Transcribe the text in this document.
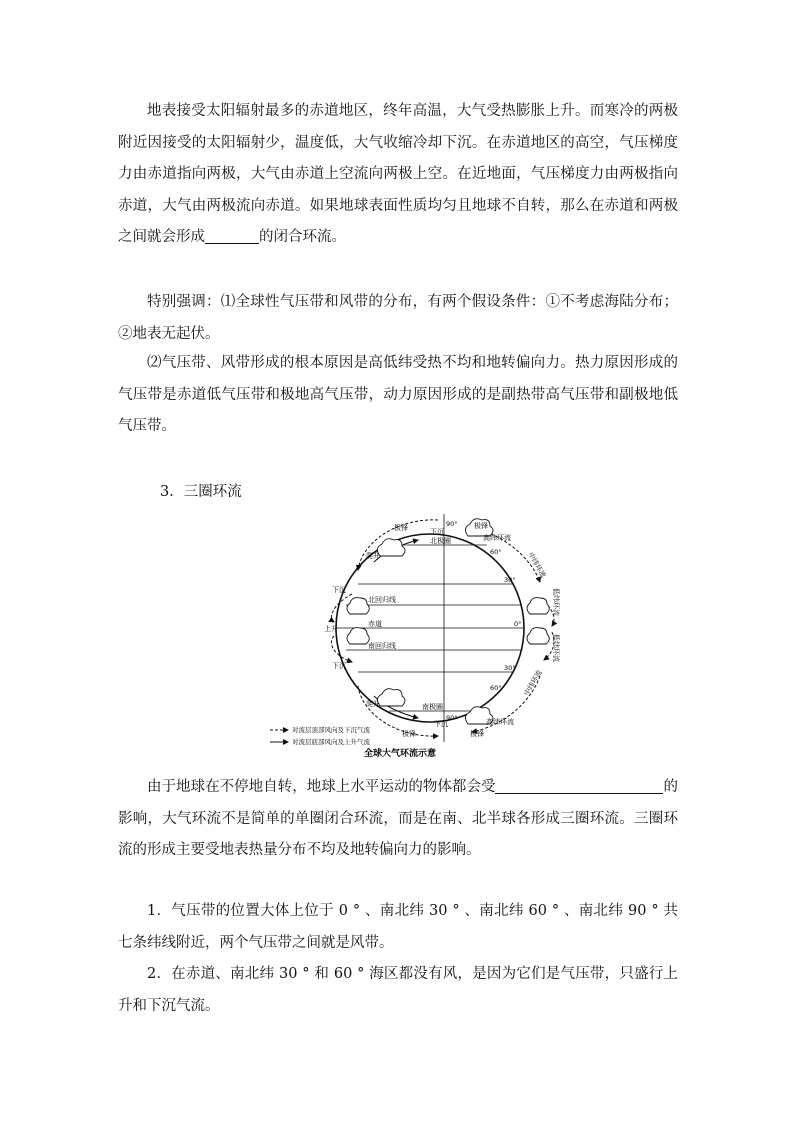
地表接受太阳辐射最多的赤道地区，终年高温，大气受热膨胀上升。而寒冷的两极附近因接受的太阳辐射少，温度低，大气收缩冷却下沉。在赤道地区的高空，气压梯度力由赤道指向两极，大气由赤道上空流向两极上空。在近地面，气压梯度力由两极指向赤道，大气由两极流向赤道。如果地球表面性质均匀且地球不自转，那么在赤道和两极之间就会形成	的闭合环流。

特别强调：⑴全球性气压带和风带的分布，有两个假设条件：①不考虑海陆分布；②地表无起伏。

⑵气压带、风带形成的根本原因是高低纬受热不均和地转偏向力。热力原因形成的气压带是赤道低气压带和极地高气压带，动力原因形成的是副热带高气压带和副极地低气压带。

3．三圈环流

爬升
下沉
上升
下沉
爬升
极锋	下沉
极锋
高纬环流
极锋
下沉
极锋
高纬环流
中纬环流
低纬环流
低纬环流
中纬环流
北极圈
北回归线
赤道
南回归线
南极圈
90°
60°
30°
0°
30°
60°
90°
对流层顶部风向及下沉气流
对流层底部风向及上升气流
全球大气环流示意

由于地球在不停地自转，地球上水平运动的物体都会受	的影响，大气环流不是简单的单圈闭合环流，而是在南、北半球各形成三圈环流。三圈环流的形成主要受地表热量分布不均及地转偏向力的影响。

1．气压带的位置大体上位于 0 ° 、南北纬 30 ° 、南北纬 60 ° 、南北纬 90 ° 共七条纬线附近，两个气压带之间就是风带。

2．在赤道、南北纬 30 ° 和 60 ° 海区都没有风，是因为它们是气压带，只盛行上升和下沉气流。
